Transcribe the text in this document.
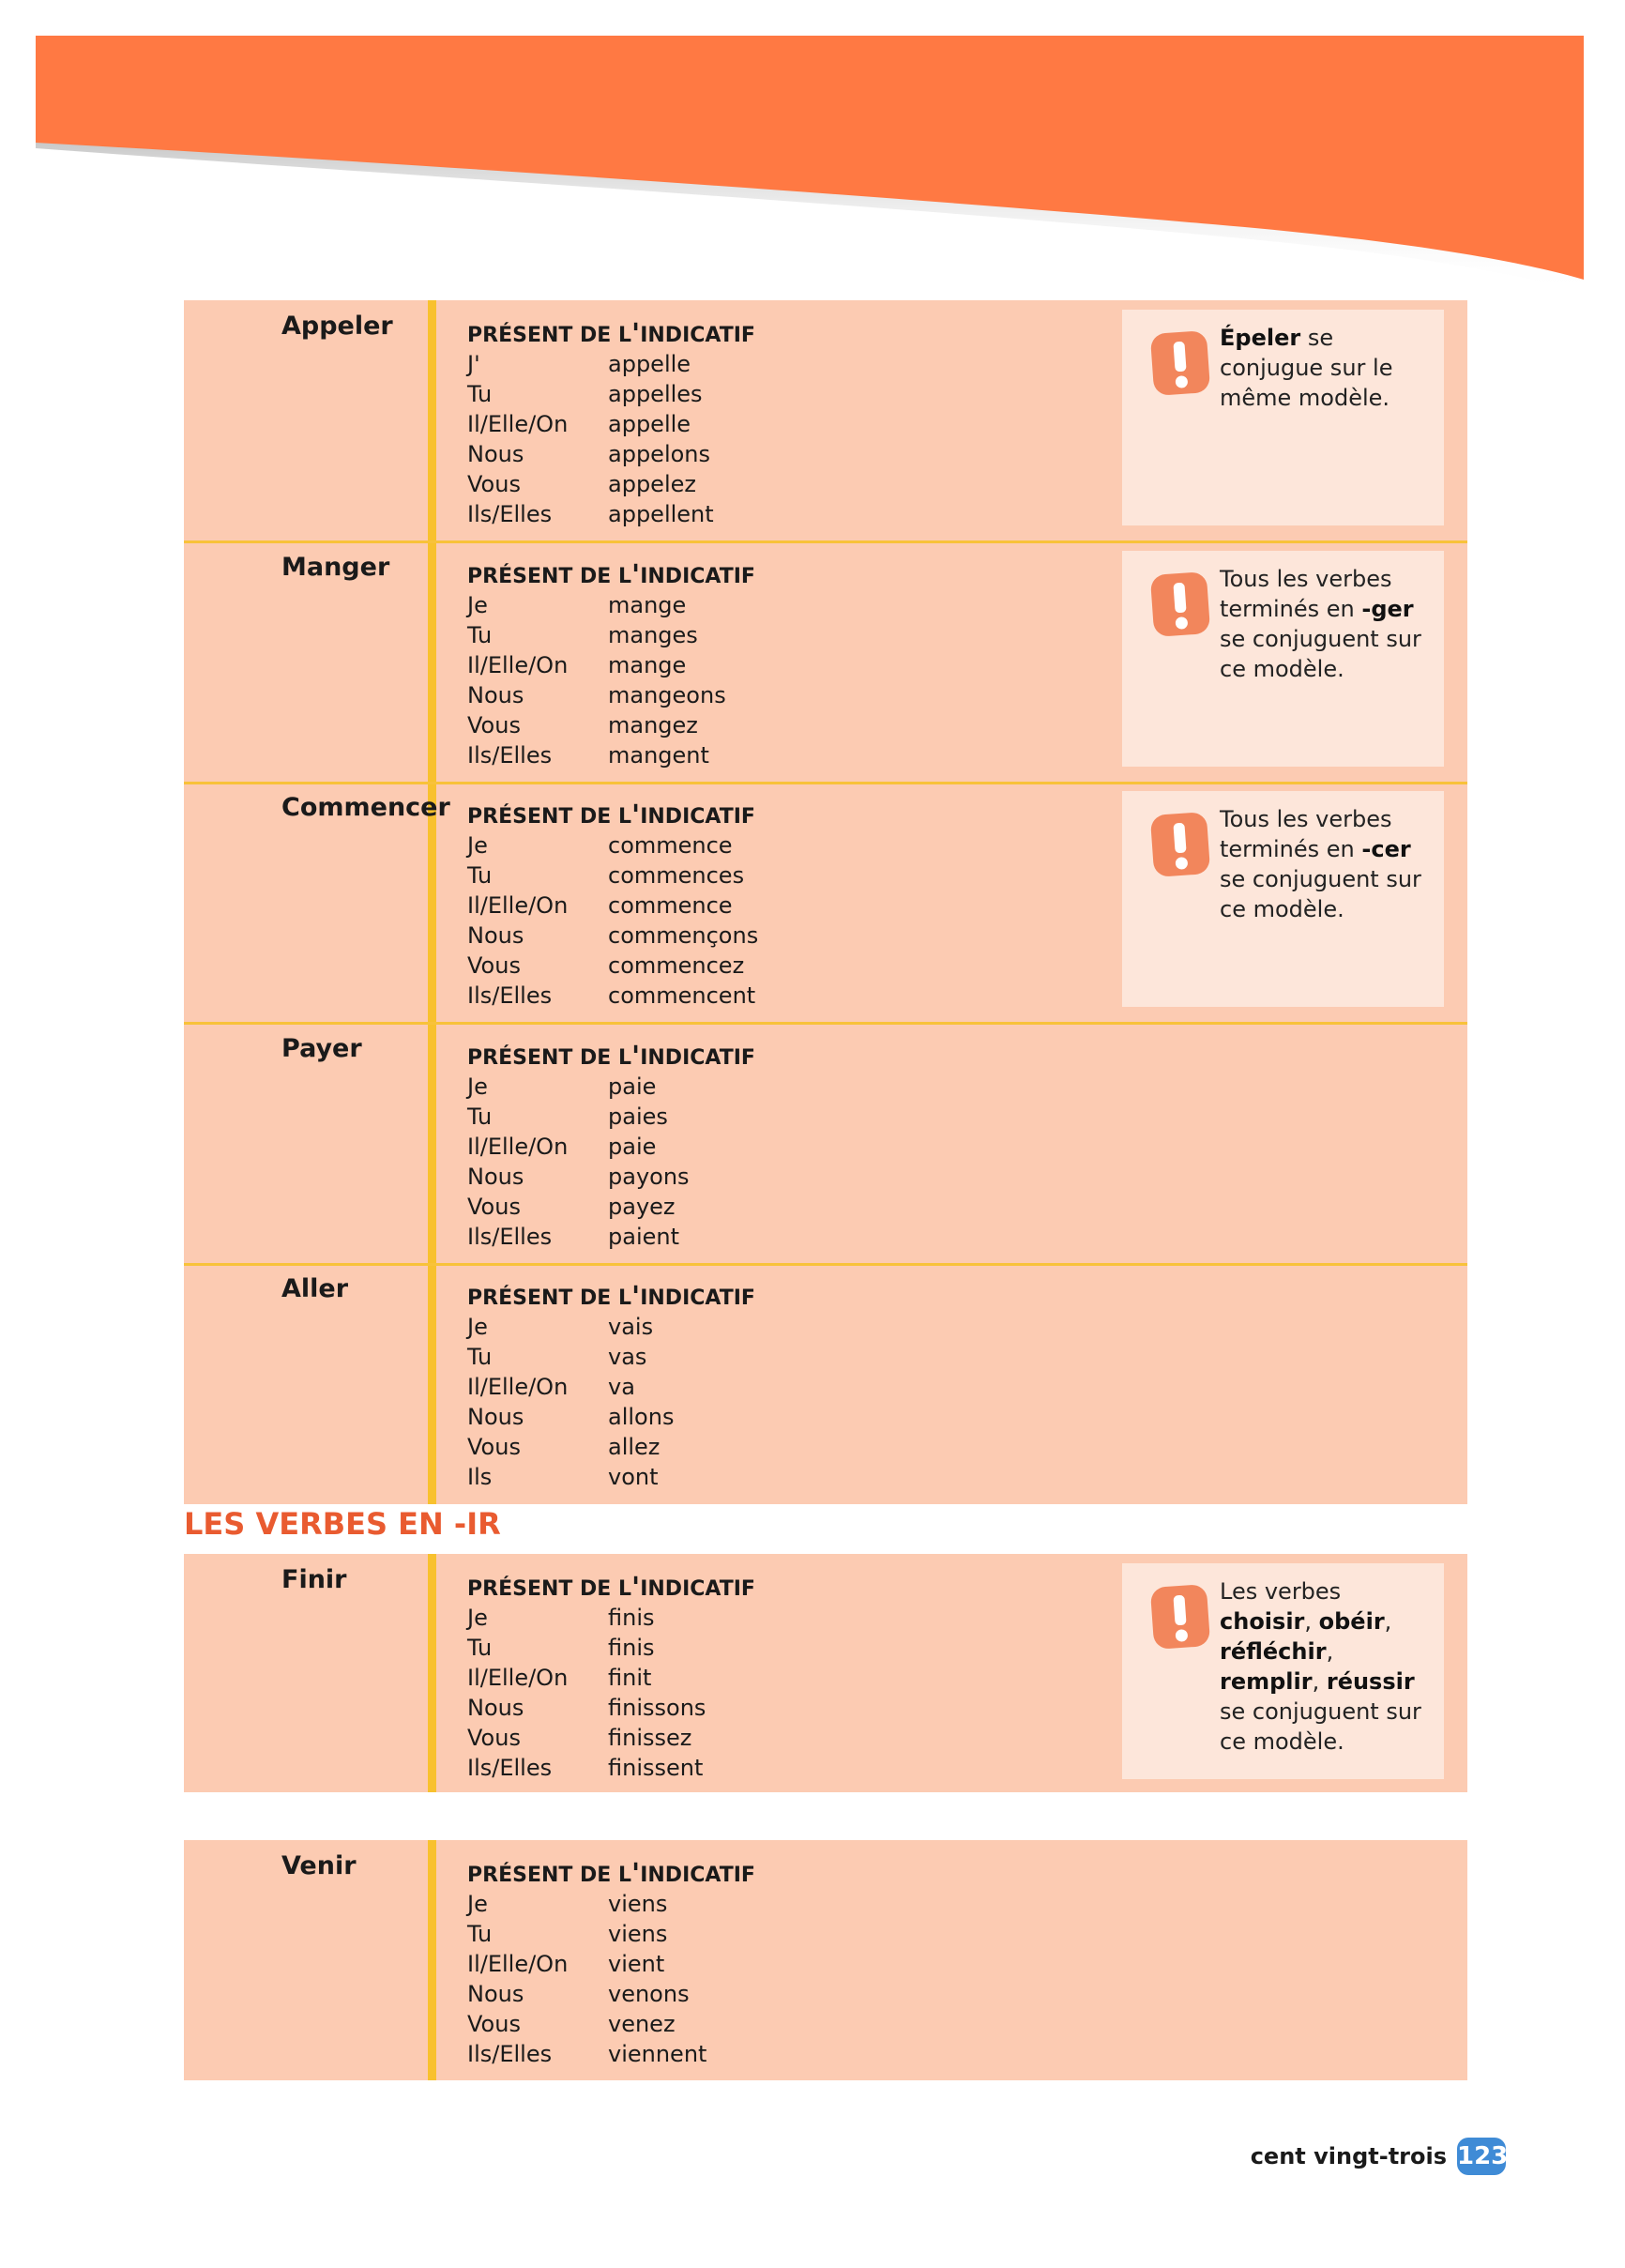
LES VERBES EN -IR
Appeler	PRÉSENT DE L'INDICATIF
J'	appelle
Tu	appelles
Il/Elle/On	appelle
Nous	appelons
Vous	appelez
Ils/Elles	appellent
Épeler se conjugue sur le même modèle.
Manger	PRÉSENT DE L'INDICATIF
Je	mange
Tu	manges
Il/Elle/On	mange
Nous	mangeons
Vous	mangez
Ils/Elles	mangent
Tous les verbes terminés en -ger se conjuguent sur ce modèle.
Commencer PRÉSENT DE L'INDICATIF
Je	commence
Tu	commences
Il/Elle/On	commence
Nous	commençons
Vous	commencez
Ils/Elles	commencent
Tous les verbes terminés en -cer se conjuguent sur ce modèle.
Payer	PRÉSENT DE L'INDICATIF
Je	paie
Tu	paies
Il/Elle/On	paie
Nous	payons
Vous	payez
Ils/Elles	paient
Aller	PRÉSENT DE L'INDICATIF
Je	vais
Tu	vas
Il/Elle/On	va
Nous	allons
Vous	allez
Ils	vont
Finir	PRÉSENT DE L'INDICATIF
Je	finis
Tu	finis
Il/Elle/On	finit
Nous	finissons
Vous	finissez
Ils/Elles	finissent
Les verbes choisir, obéir, réfléchir, remplir, réussir se conjuguent sur ce modèle.
Venir	PRÉSENT DE L'INDICATIF
Je	viens
Tu	viens
Il/Elle/On	vient
Nous	venons
Vous	venez
Ils/Elles	viennent
cent vingt-trois 123
